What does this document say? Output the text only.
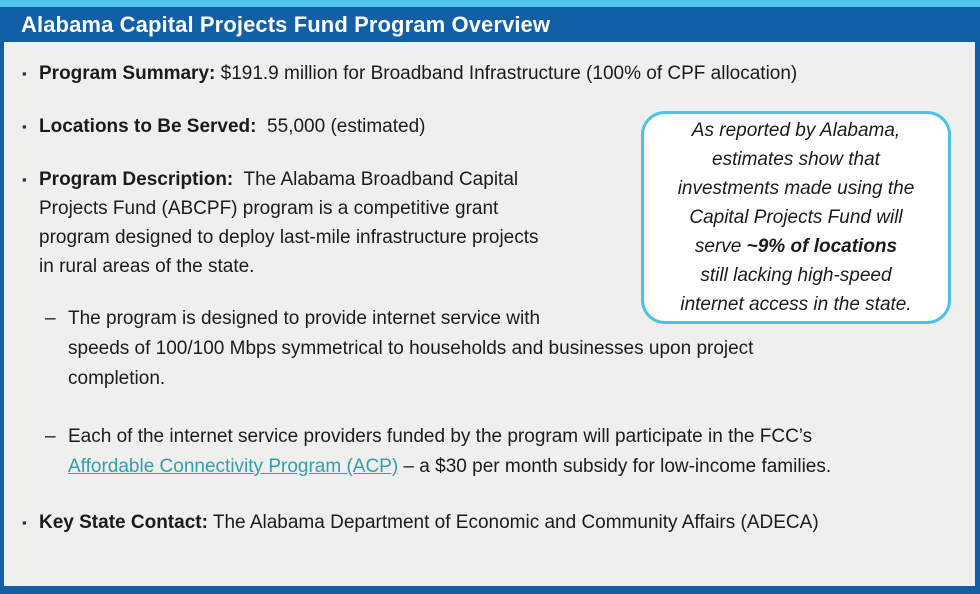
Alabama Capital Projects Fund Program Overview
▪ Program Summary: $191.9 million for Broadband Infrastructure (100% of CPF allocation)
▪ Locations to Be Served:  55,000 (estimated)
▪ Program Description:  The Alabama Broadband Capital
Projects Fund (ABCPF) program is a competitive grant
program designed to deploy last-mile infrastructure projects
in rural areas of the state.
– The program is designed to provide internet service with
speeds of 100/100 Mbps symmetrical to households and businesses upon project
completion.
– Each of the internet service providers funded by the program will participate in the FCC’s
Affordable Connectivity Program (ACP) – a $30 per month subsidy for low-income families.
▪ Key State Contact: The Alabama Department of Economic and Community Affairs (ADECA)
As reported by Alabama,
estimates show that
investments made using the
Capital Projects Fund will
serve ~9% of locations
still lacking high-speed
internet access in the state.
